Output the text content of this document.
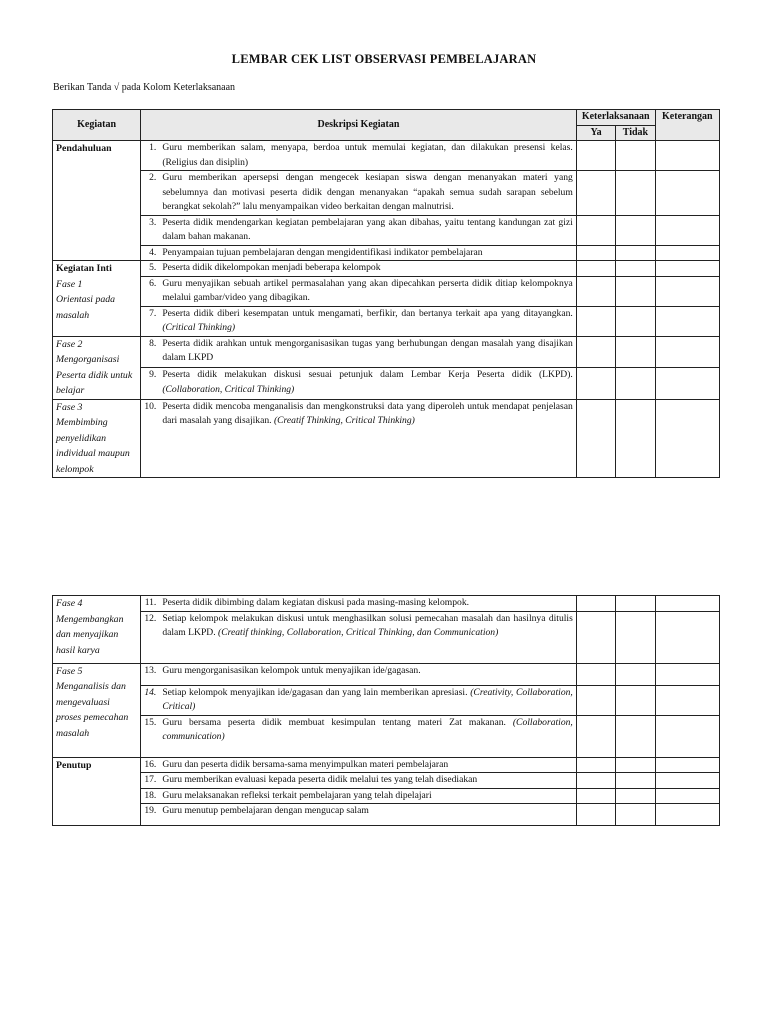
LEMBAR CEK LIST OBSERVASI PEMBELAJARAN
Berikan Tanda √ pada Kolom Keterlaksanaan
Kegiatan	Deskripsi Kegiatan		Keterlaksanaan		Keterangan
			Ya	Tidak	

Pendahuluan	1.	Guru memberikan salam, menyapa, berdoa untuk memulai kegiatan, dan dilakukan presensi kelas. (Religius dan disiplin)			
	2.	Guru memberikan apersepsi dengan mengecek kesiapan siswa dengan menanyakan materi yang sebelumnya dan motivasi peserta didik dengan menanyakan “apakah semua sudah sarapan sebelum berangkat sekolah?” lalu menyampaikan video berkaitan dengan malnutrisi.			
	3.	Peserta didik mendengarkan kegiatan pembelajaran yang akan dibahas, yaitu tentang kandungan zat gizi dalam bahan makanan.			
	4.	Penyampaian tujuan pembelajaran dengan mengidentifikasi indikator pembelajaran			

Kegiatan Inti
Fase 1
Orientasi pada masalah	5.	Peserta didik dikelompokan menjadi beberapa kelompok			
	6.	Guru menyajikan sebuah artikel permasalahan yang akan dipecahkan perserta didik ditiap kelompoknya melalui gambar/video yang dibagikan.			
	7.	Peserta didik diberi kesempatan untuk mengamati, berfikir, dan bertanya terkait apa yang ditayangkan. (Critical Thinking)			

Fase 2
Mengorganisasi Peserta didik untuk belajar	8.	Peserta didik arahkan untuk mengorganisasikan tugas yang berhubungan dengan masalah yang disajikan dalam LKPD			
	9.	Peserta didik melakukan diskusi sesuai petunjuk dalam Lembar Kerja Peserta didik (LKPD). (Collaboration, Critical Thinking)			

Fase 3
Membimbing penyelidikan individual maupun kelompok	10.	Peserta didik mencoba menganalisis dan mengkonstruksi data yang diperoleh untuk mendapat penjelasan dari masalah yang disajikan. (Creatif Thinking, Critical Thinking)			
Fase 4
Mengembangkan dan menyajikan hasil karya	11.	Peserta didik dibimbing dalam kegiatan diskusi pada masing-masing kelompok.			
	12.	Setiap kelompok melakukan diskusi untuk menghasilkan solusi pemecahan masalah dan hasilnya ditulis dalam LKPD. (Creatif thinking, Collaboration, Critical Thinking, dan Communication)			

Fase 5
Menganalisis dan mengevaluasi proses pemecahan masalah	13.	Guru mengorganisasikan kelompok untuk menyajikan ide/gagasan.			
	14.	Setiap kelompok menyajikan ide/gagasan dan yang lain memberikan apresiasi. (Creativity, Collaboration, Critical)			
	15.	Guru bersama peserta didik membuat kesimpulan tentang materi Zat makanan. (Collaboration, communication)			

Penutup	16.	Guru dan peserta didik bersama-sama menyimpulkan materi pembelajaran			
	17.	Guru memberikan evaluasi kepada peserta didik melalui tes yang telah disediakan			
	18.	Guru melaksanakan refleksi terkait pembelajaran yang telah dipelajari			
	19.	Guru menutup pembelajaran dengan mengucap salam			
